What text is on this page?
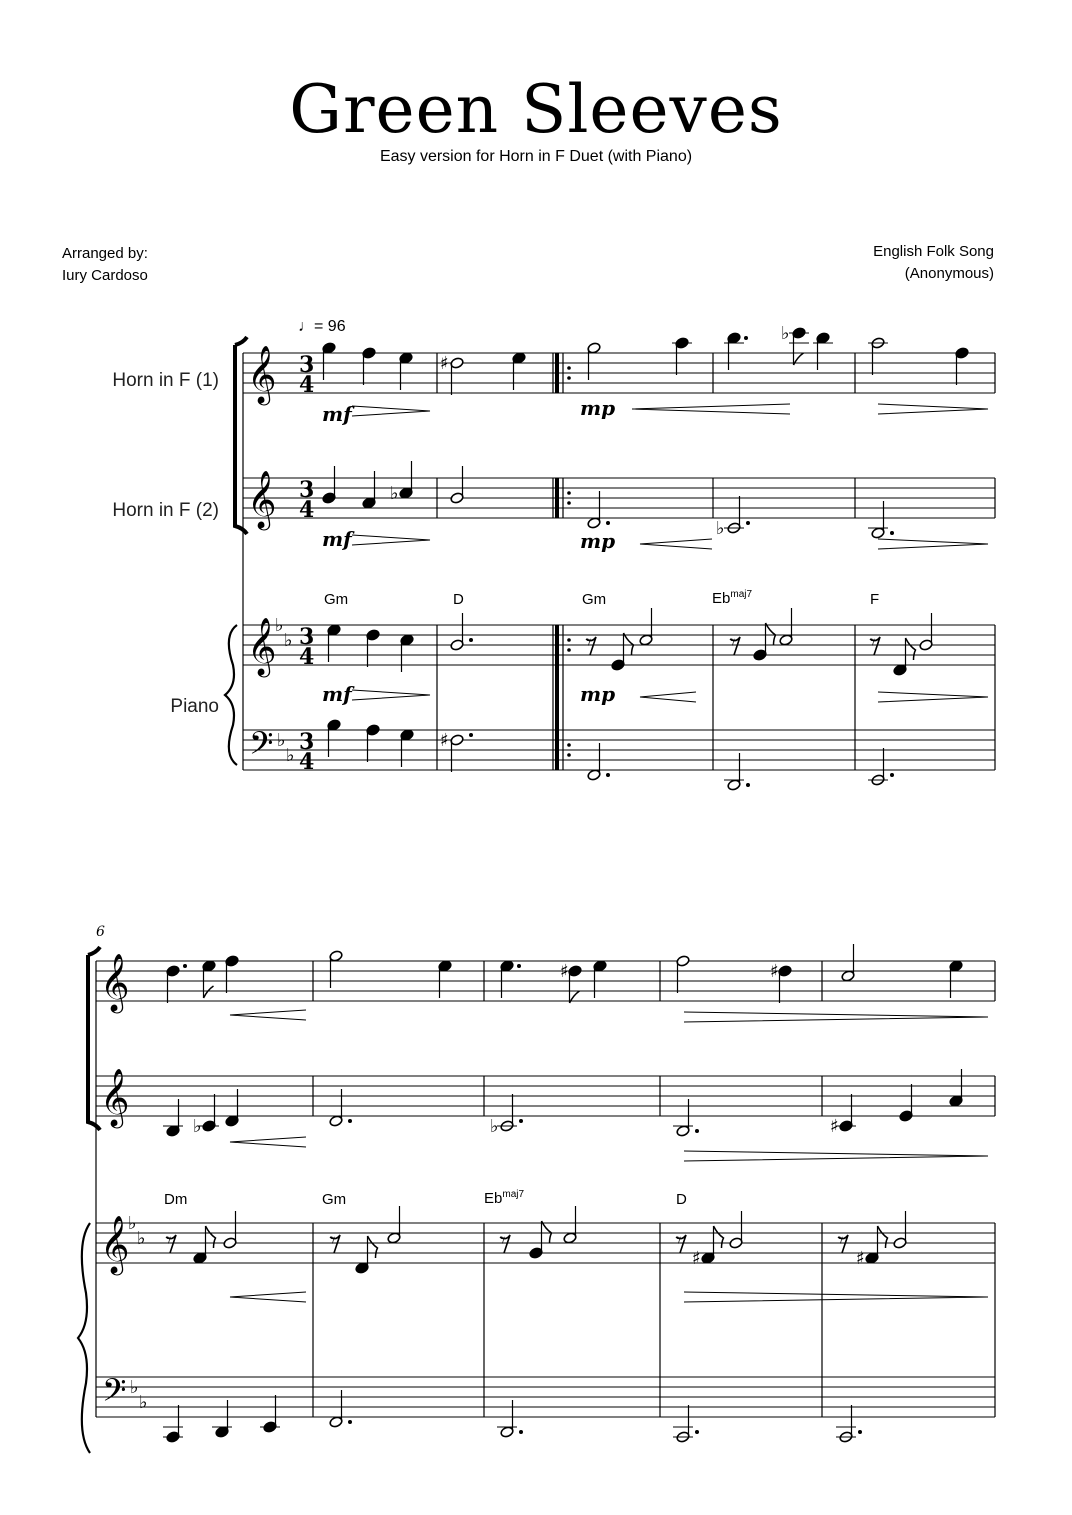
Green Sleeves
Easy version for Horn in F Duet (with Piano)
Arranged by:
Iury Cardoso
English Folk Song
(Anonymous)
Horn in F (1)
Horn in F (2)
Piano
♩= 96
Gm	D	Gm	$Eb^{maj7}$	F
Dm	Gm	$Eb^{maj7}$	D
6
𝄞
𝄞
𝄞
𝄢
3
4
3
4
♭
♭
♭
♭
3
4
3
4
♯
♭
mf	mp
♭
♭
mf	mp
𝄾	𝄾	𝄾
mf	mp
♯
𝄞
𝄞
𝄞
𝄢
♭
♭
♭
♭
♯	♯
♭	♭	♯
𝄾	𝄾	𝄾	𝄾
♯
𝄾
♯
